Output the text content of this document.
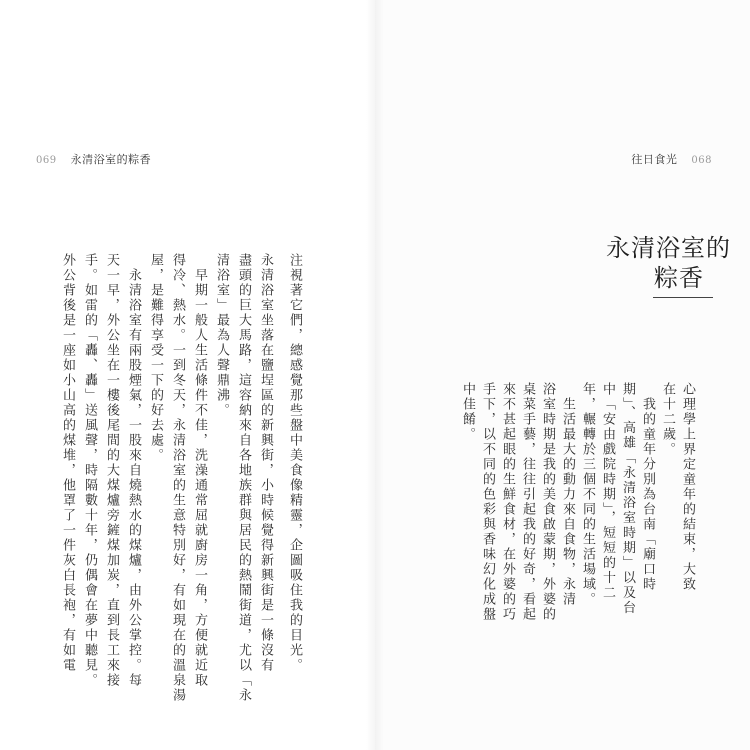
069 永清浴室的粽香	往日食光 068
永清浴室的
粽香
心理學上界定童年的結束，大致
在十二歲。
我的童年分別為台南「廟口時
期」、高雄「永清浴室時期」以及台
中「安由戲院時期」，短短的十二
年，輾轉於三個不同的生活場域。
生活最大的動力來自食物，永清
浴室時期是我的美食啟蒙期，外婆的
桌菜手藝，往往引起我的好奇，看起
來不甚起眼的生鮮食材，在外婆的巧
手下，以不同的色彩與香味幻化成盤
中佳餚。
注視著它們，總感覺那些盤中美食像精靈，企圖吸住我的目光。
永清浴室坐落在鹽埕區的新興街，小時候覺得新興街是一條沒有
盡頭的巨大馬路，這容納來自各地族群與居民的熱鬧街道，尤以「永
清浴室」最為人聲鼎沸。
早期一般人生活條件不佳，洗澡通常屈就廚房一角，方便就近取
得冷、熱水。一到冬天，永清浴室的生意特別好，有如現在的溫泉湯
屋，是難得享受一下的好去處。
永清浴室有兩股煙氣，一股來自燒熱水的煤爐，由外公掌控。每
天一早，外公坐在一樓後尾間的大煤爐旁鏟煤加炭，直到長工來接
手。如雷的「轟、轟」送風聲，時隔數十年，仍偶會在夢中聽見。
外公背後是一座如小山高的煤堆，他罩了一件灰白長袍，有如電
